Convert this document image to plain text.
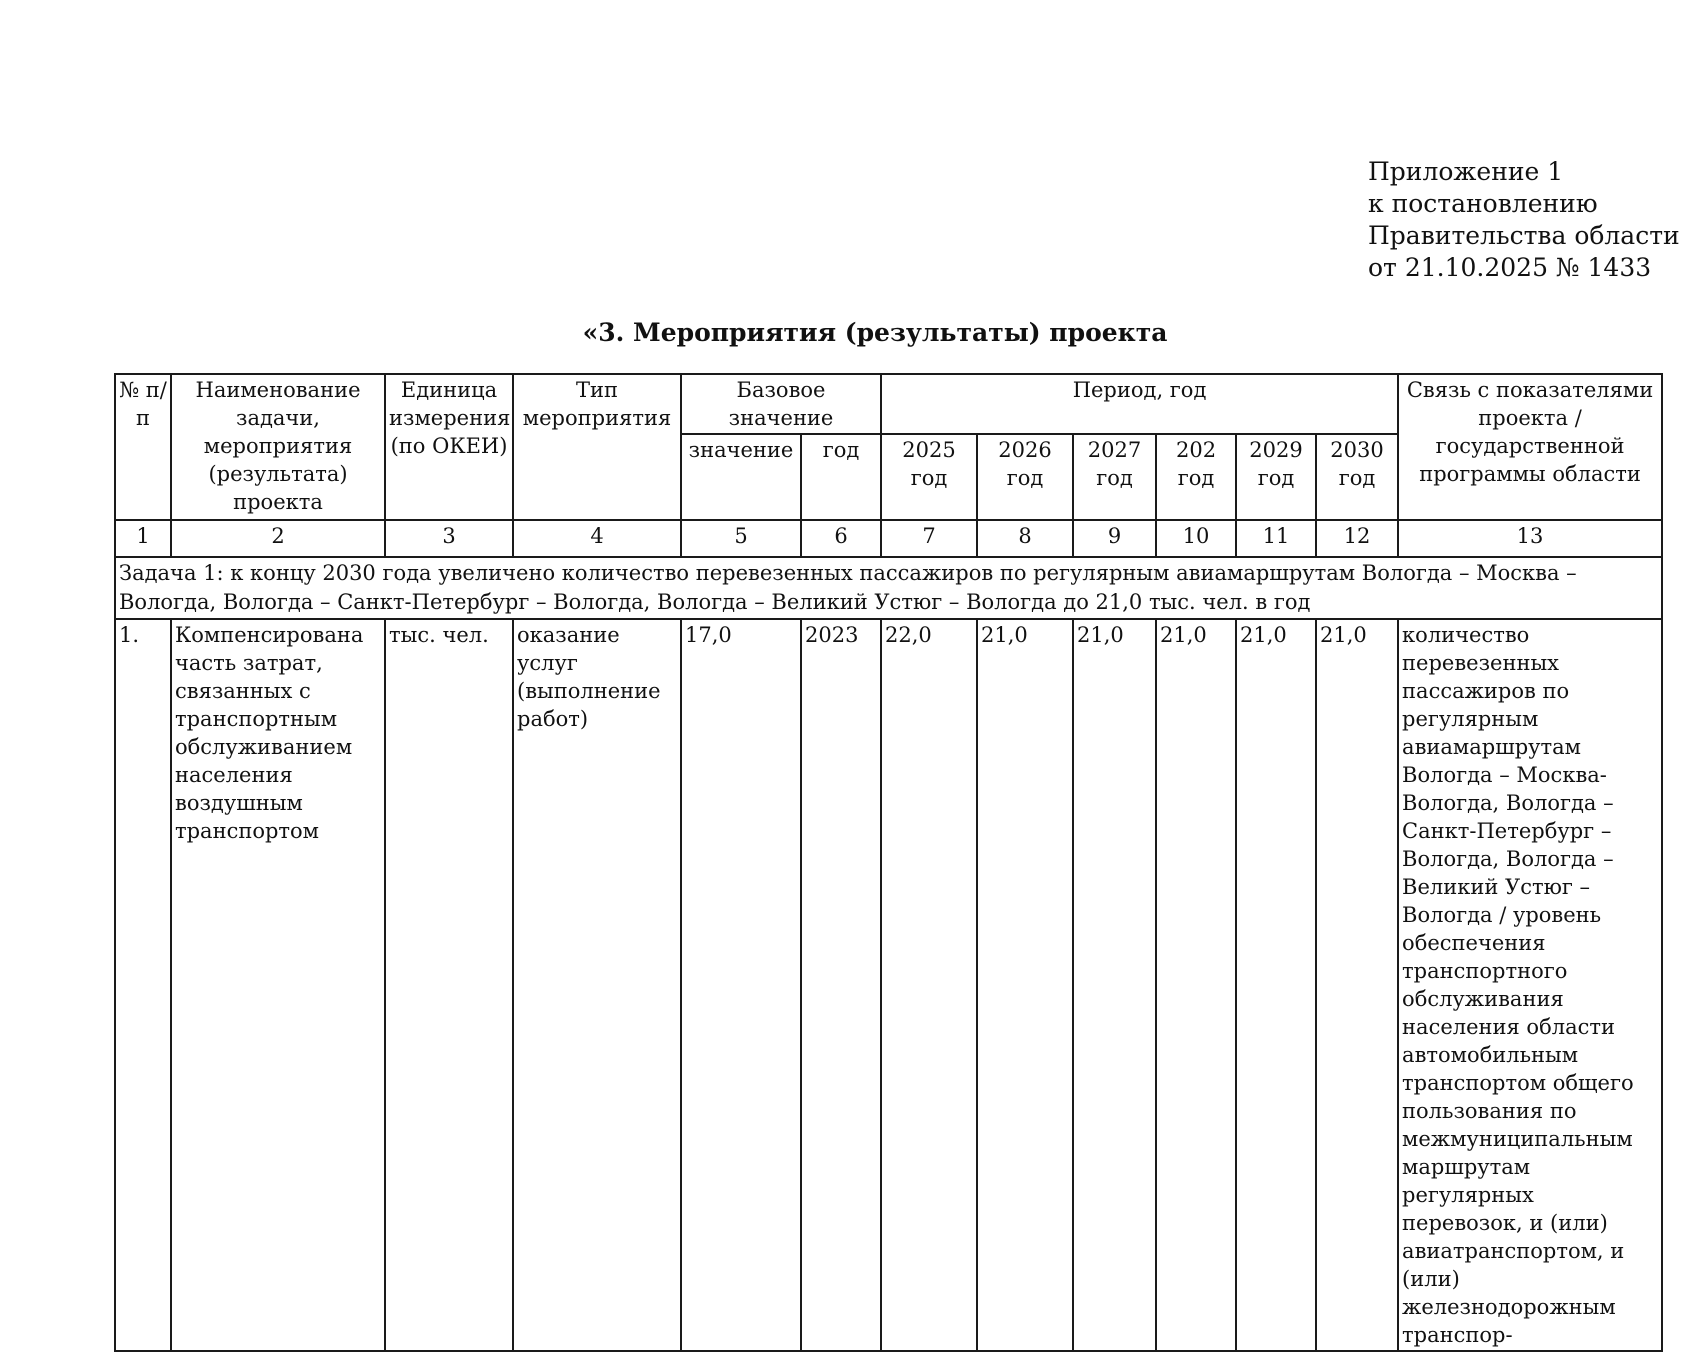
Приложение 1
к постановлению
Правительства области
от 21.10.2025 № 1433
«3. Мероприятия (результаты) проекта
№ п/п	Наименование задачи, мероприятия (результата) проекта	Единица измерения (по ОКЕИ)	Тип мероприятия	Базовое значение		Период, год						Связь с показателями проекта / государственной программы области
				значение	год	2025 год	2026 год	2027 год	202 год	2029 год	2030 год	
1	2	3	4	5	6	7	8	9	10	11	12	13
Задача 1: к концу 2030 года увеличено количество перевезенных пассажиров по регулярным авиамаршрутам Вологда – Москва – Вологда, Вологда – Санкт-Петербург – Вологда, Вологда – Великий Устюг – Вологда до 21,0 тыс. чел. в год												
1.	Компенсирована часть затрат, связанных с транспортным обслуживанием населения воздушным транспортом	тыс. чел.	оказание услуг (выполнение работ)	17,0	2023	22,0	21,0	21,0	21,0	21,0	21,0	количество перевезенных пассажиров по регулярным авиамаршрутам Вологда – Москва-Вологда, Вологда – Санкт-Петербург – Вологда, Вологда – Великий Устюг – Вологда / уровень обеспечения транспортного обслуживания населения области автомобильным транспортом общего пользования по межмуниципальным маршрутам регулярных перевозок, и (или) авиатранспортом, и (или) железнодорожным транспор-
